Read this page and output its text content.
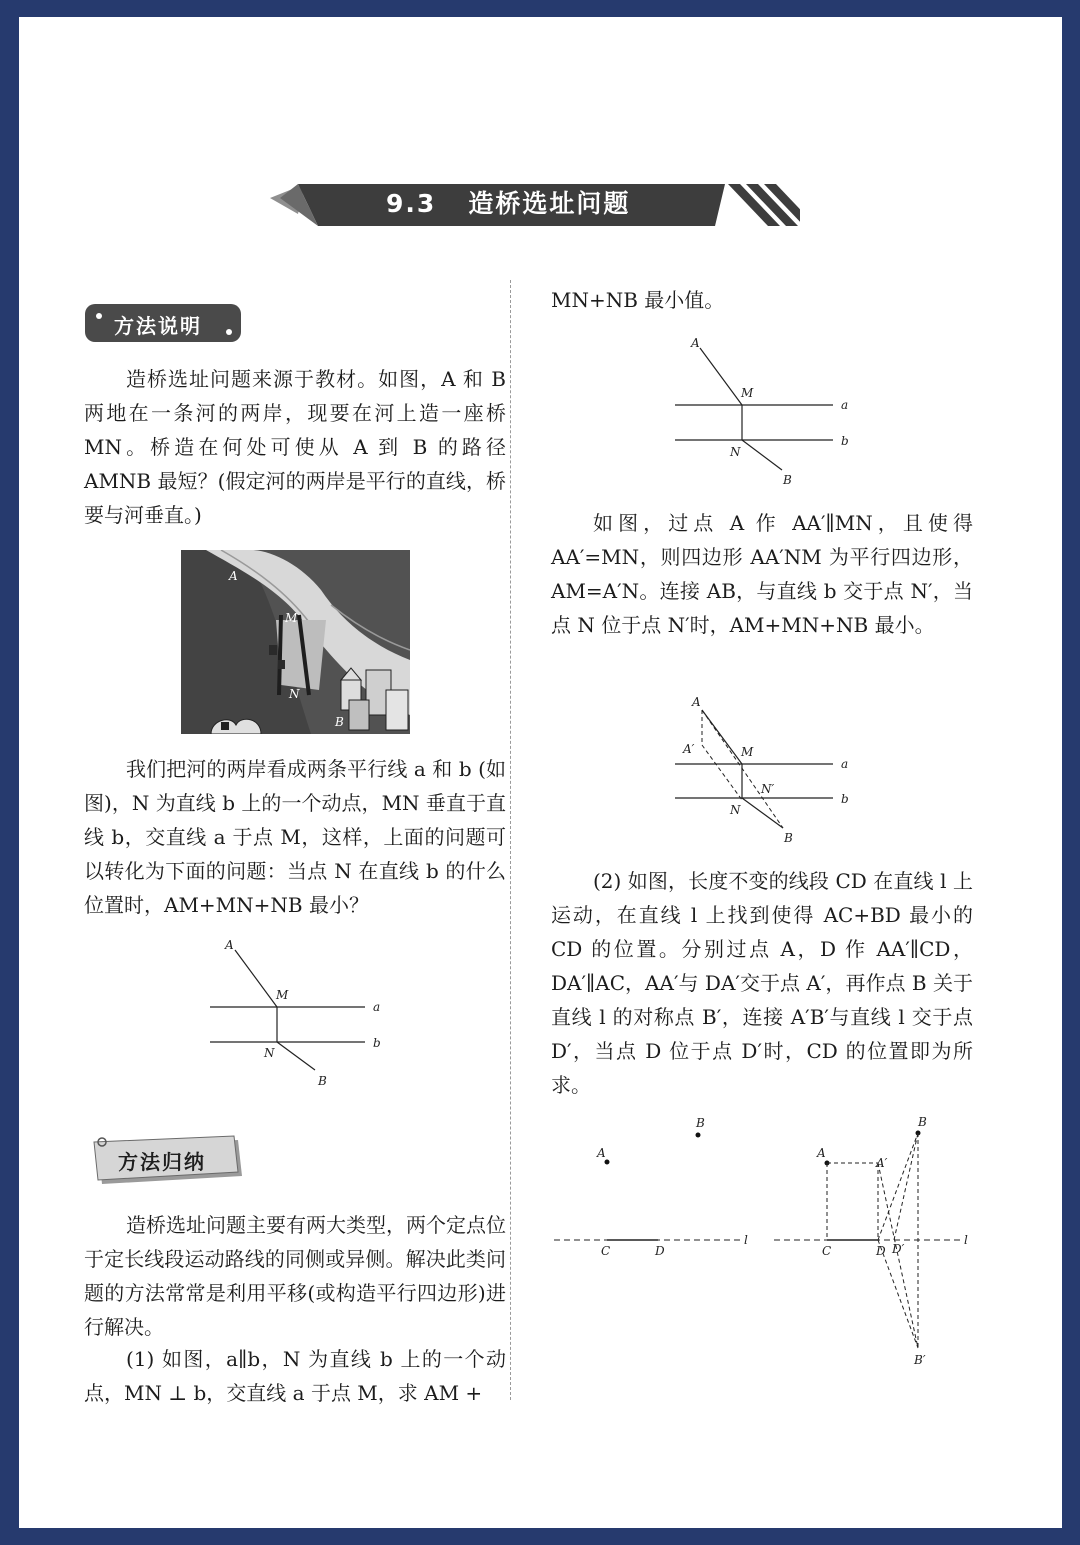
9.3 造桥选址问题
方法说明

造桥选址问题来源于教材。如图，A 和 B 两地在一条河的两岸，现要在河上造一座桥 MN。桥造在何处可使从 A 到 B 的路径 AMNB 最短？(假定河的两岸是平行的直线，桥要与河垂直。)

A
M
N
B

我们把河的两岸看成两条平行线 a 和 b (如图)，N 为直线 b 上的一个动点，MN 垂直于直线 b，交直线 a 于点 M，这样，上面的问题可以转化为下面的问题：当点 N 在直线 b 的什么位置时，AM+MN+NB 最小？

A
M
a
b
N
B
方法归纳

造桥选址问题主要有两大类型，两个定点位于定长线段运动路线的同侧或异侧。解决此类问题的方法常常是利用平移(或构造平行四边形)进行解决。

(1) 如图，a∥b，N 为直线 b 上的一个动点，MN ⊥ b，交直线 a 于点 M，求 AM +

MN+NB 最小值。

A
M
a
b
N
B

如图，过点 A 作 AA′∥MN，且使得 AA′=MN，则四边形 AA′NM 为平行四边形，AM=A′N。连接 AB，与直线 b 交于点 N′，当点 N 位于点 N′时，AM+MN+NB 最小。

A
A′	M
a
N′
b
N
B

(2) 如图，长度不变的线段 CD 在直线 l 上运动，在直线 l 上找到使得 AC+BD 最小的 CD 的位置。分别过点 A，D 作 AA′∥CD，DA′∥AC，AA′与 DA′交于点 A′，再作点 B 关于直线 l 的对称点 B′，连接 A′B′与直线 l 交于点 D′，当点 D 位于点 D′时，CD 的位置即为所求。

A
B
C	D
l
A
A′
B
C	D D′
l
B′
